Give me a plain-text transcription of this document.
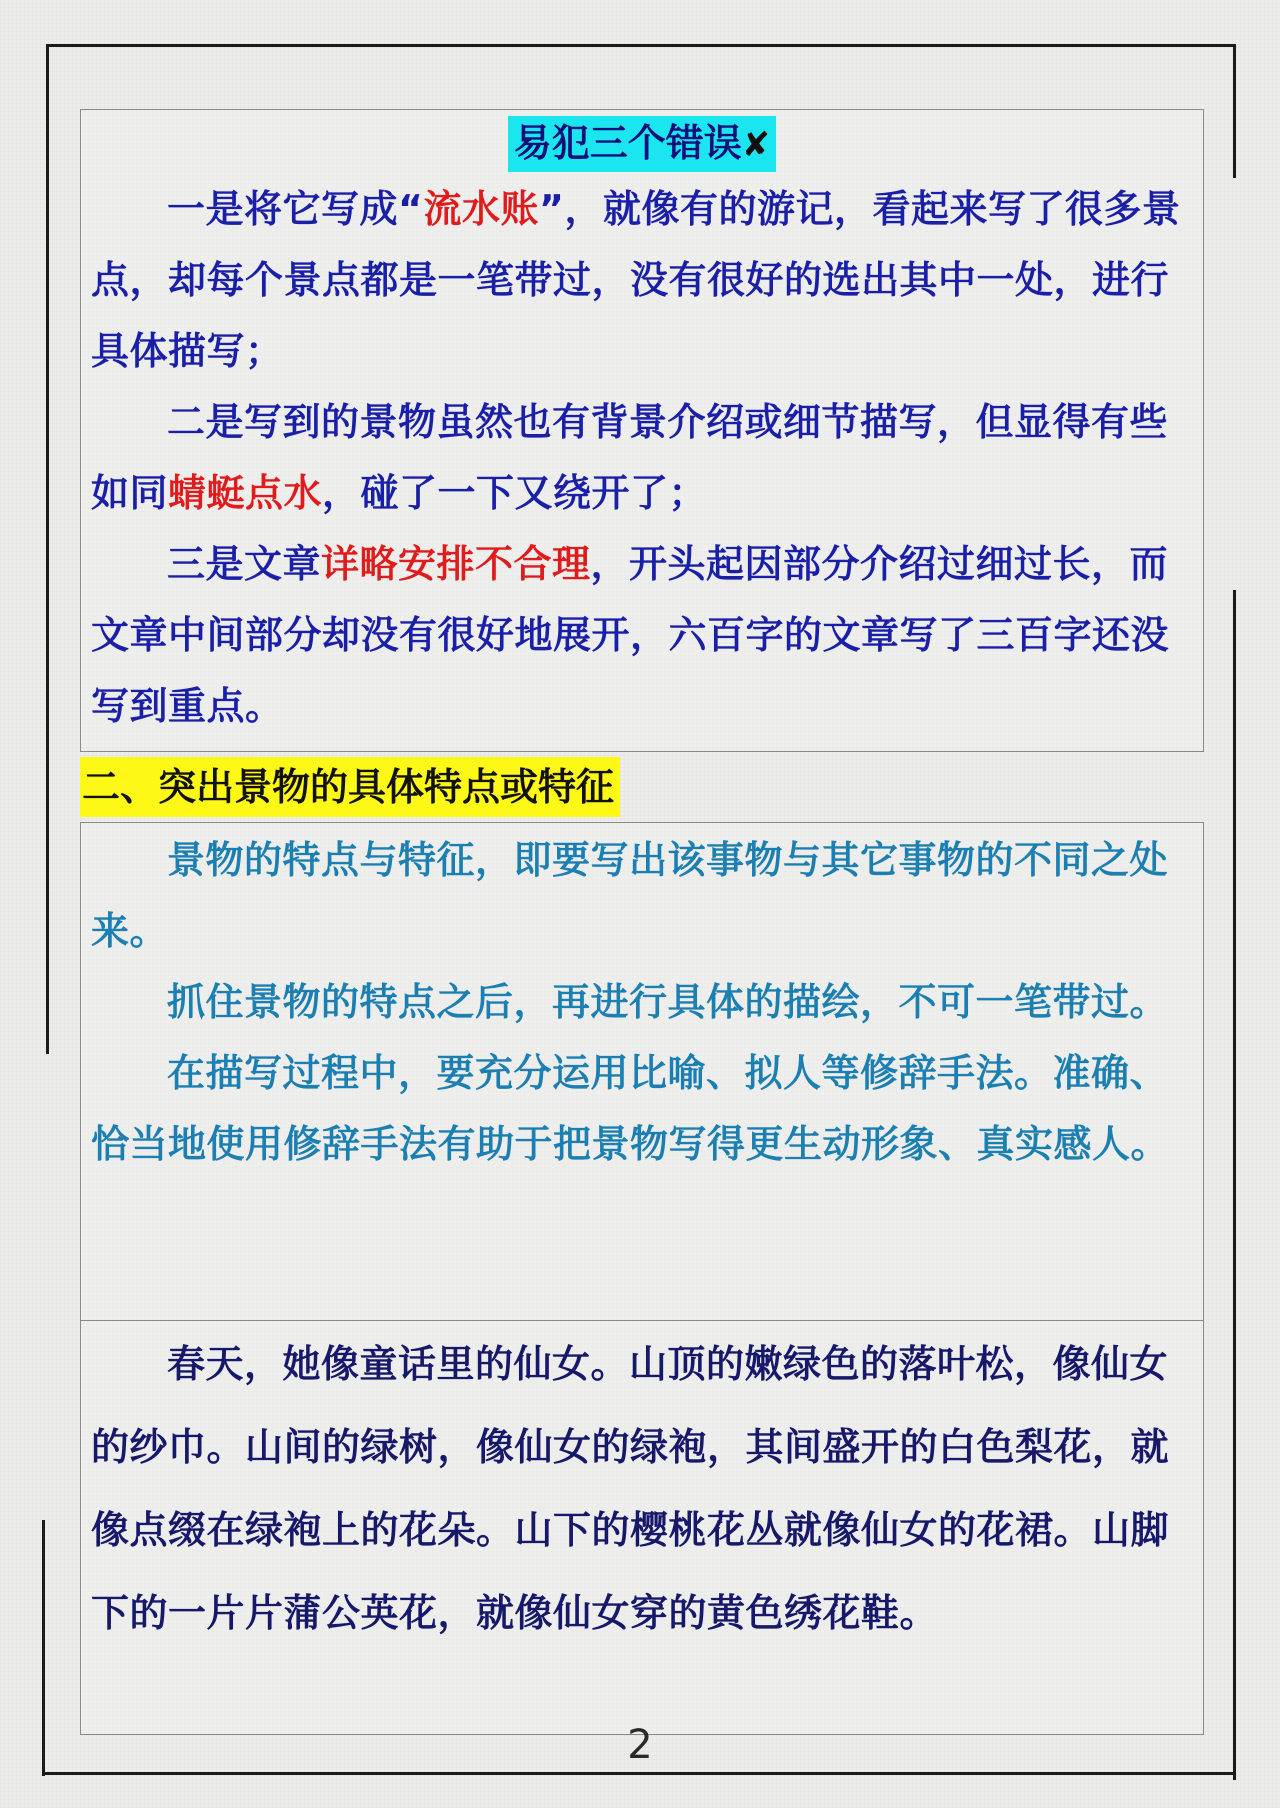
易犯三个错误✘

一是将它写成“流水账”，就像有的游记，看起来写了很多景点，却每个景点都是一笔带过，没有很好的选出其中一处，进行具体描写；

二是写到的景物虽然也有背景介绍或细节描写，但显得有些如同蜻蜓点水，碰了一下又绕开了；

三是文章详略安排不合理，开头起因部分介绍过细过长，而文章中间部分却没有很好地展开，六百字的文章写了三百字还没写到重点。

二、突出景物的具体特点或特征

景物的特点与特征，即要写出该事物与其它事物的不同之处来。

抓住景物的特点之后，再进行具体的描绘，不可一笔带过。

在描写过程中，要充分运用比喻、拟人等修辞手法。准确、恰当地使用修辞手法有助于把景物写得更生动形象、真实感人。

春天，她像童话里的仙女。山顶的嫩绿色的落叶松，像仙女的纱巾。山间的绿树，像仙女的绿袍，其间盛开的白色梨花，就像点缀在绿袍上的花朵。山下的樱桃花丛就像仙女的花裙。山脚下的一片片蒲公英花，就像仙女穿的黄色绣花鞋。

2
